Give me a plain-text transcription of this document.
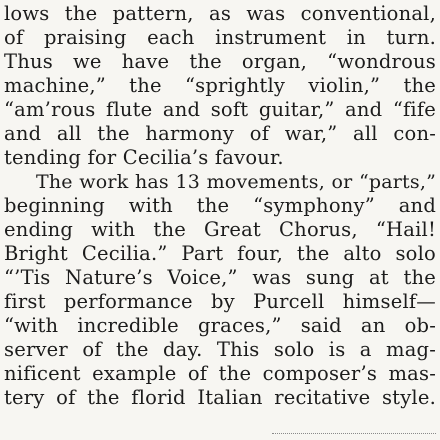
lows the pattern, as was conventional,
of praising each instrument in turn.
Thus we have the organ, “wondrous
machine,” the “sprightly violin,” the
“am’rous flute and soft guitar,” and “fife
and all the harmony of war,” all con-
tending for Cecilia’s favour.
The work has 13 movements, or “parts,”
beginning with the “symphony” and
ending with the Great Chorus, “Hail!
Bright Cecilia.” Part four, the alto solo
“’Tis Nature’s Voice,” was sung at the
first performance by Purcell himself—
“with incredible graces,” said an ob-
server of the day. This solo is a mag-
nificent example of the composer’s mas-
tery of the florid Italian recitative style.
